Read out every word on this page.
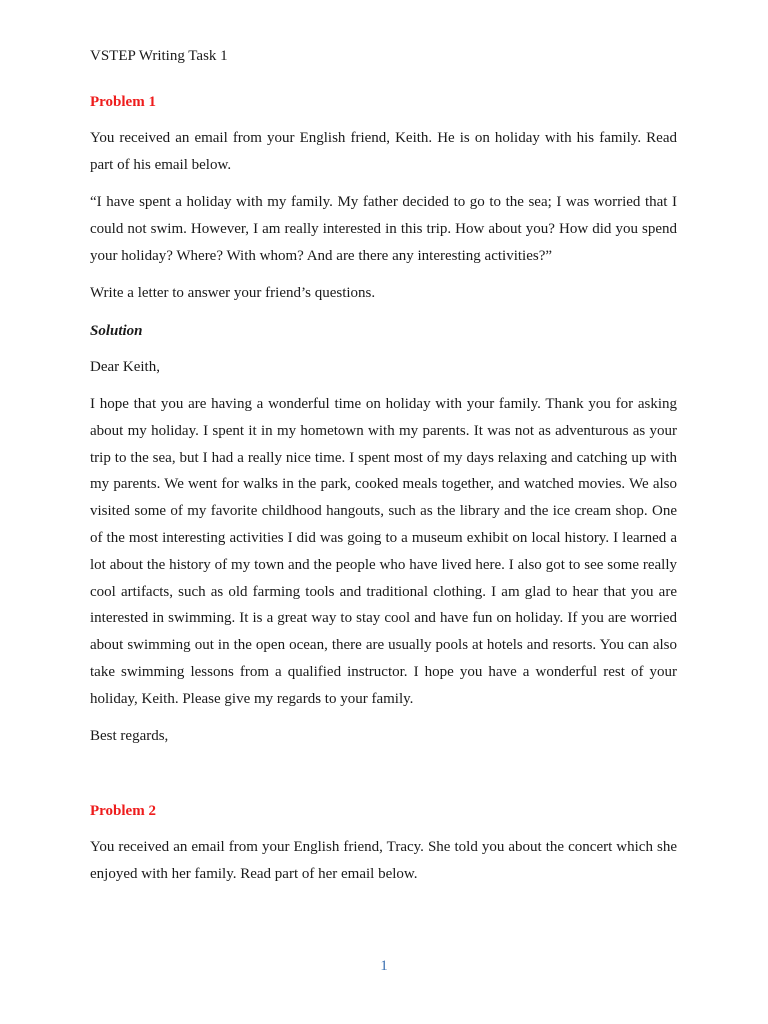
VSTEP Writing Task 1
Problem 1

You received an email from your English friend, Keith. He is on holiday with his family. Read part of his email below.

“I have spent a holiday with my family. My father decided to go to the sea; I was worried that I could not swim. However, I am really interested in this trip. How about you? How did you spend your holiday? Where? With whom? And are there any interesting activities?”

Write a letter to answer your friend’s questions.

Solution

Dear Keith,

I hope that you are having a wonderful time on holiday with your family. Thank you for asking about my holiday. I spent it in my hometown with my parents. It was not as adventurous as your trip to the sea, but I had a really nice time. I spent most of my days relaxing and catching up with my parents. We went for walks in the park, cooked meals together, and watched movies. We also visited some of my favorite childhood hangouts, such as the library and the ice cream shop. One of the most interesting activities I did was going to a museum exhibit on local history. I learned a lot about the history of my town and the people who have lived here. I also got to see some really cool artifacts, such as old farming tools and traditional clothing. I am glad to hear that you are interested in swimming. It is a great way to stay cool and have fun on holiday. If you are worried about swimming out in the open ocean, there are usually pools at hotels and resorts. You can also take swimming lessons from a qualified instructor. I hope you have a wonderful rest of your holiday, Keith. Please give my regards to your family.

Best regards,

Problem 2

You received an email from your English friend, Tracy. She told you about the concert which she enjoyed with her family. Read part of her email below.

1
